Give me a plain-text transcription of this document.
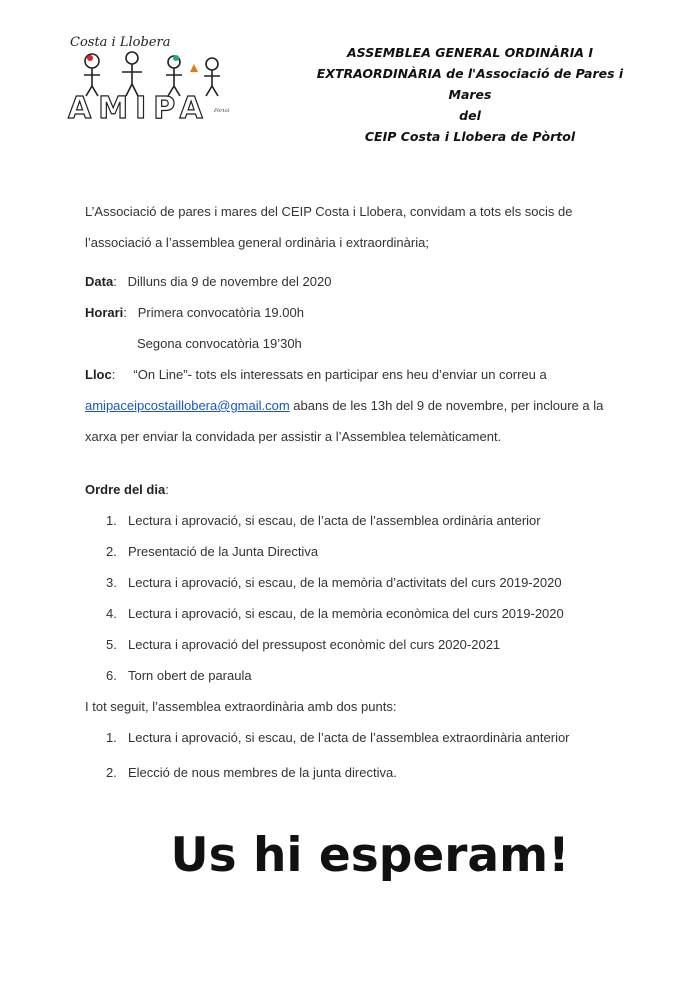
Costa i Llobera
AMIPA Pòrtol
ASSEMBLEA GENERAL ORDINÀRIA I
EXTRAORDINÀRIA de l'Associació de Pares i Mares
del
CEIP Costa i Llobera de Pòrtol

L’Associació de pares i mares del CEIP Costa i Llobera, convidam a tots els socis de

l’associació a l’assemblea general ordinària i extraordinària;

Data : Dilluns dia 9 de novembre del 2020
Horari : Primera convocatòria 19.00h
Segona convocatòria 19’30h
Lloc : “On Line”- tots els interessats en participar ens heu d’enviar un correu a

amipaceipcostaillobera@gmail.com abans de les 13h del 9 de novembre, per incloure a la

xarxa per enviar la convidada per assistir a l’Assemblea telemàticament.

Ordre del dia:
1. Lectura i aprovació, si escau, de l’acta de l’assemblea ordinària anterior
2. Presentació de la Junta Directiva
3. Lectura i aprovació, si escau, de la memòria d’activitats del curs 2019-2020
4. Lectura i aprovació, si escau, de la memòria econòmica del curs 2019-2020
5. Lectura i aprovació del pressupost econòmic del curs 2020-2021
6. Torn obert de paraula

I tot seguit, l’assemblea extraordinària amb dos punts:

1. Lectura i aprovació, si escau, de l’acta de l’assemblea extraordinària anterior
2. Elecció de nous membres de la junta directiva.
Us hi esperam!
